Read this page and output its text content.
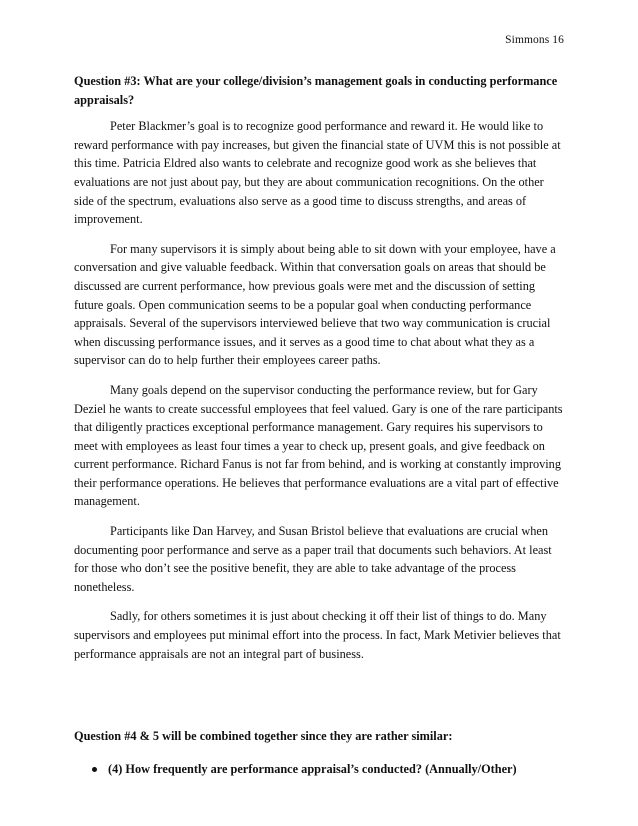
Simmons 16

Question #3: What are your college/division’s management goals in conducting performance appraisals?

Peter Blackmer’s goal is to recognize good performance and reward it. He would like to reward performance with pay increases, but given the financial state of UVM this is not possible at this time. Patricia Eldred also wants to celebrate and recognize good work as she believes that evaluations are not just about pay, but they are about communication recognitions. On the other side of the spectrum, evaluations also serve as a good time to discuss strengths, and areas of improvement.

For many supervisors it is simply about being able to sit down with your employee, have a conversation and give valuable feedback. Within that conversation goals on areas that should be discussed are current performance, how previous goals were met and the discussion of setting future goals. Open communication seems to be a popular goal when conducting performance appraisals. Several of the supervisors interviewed believe that two way communication is crucial when discussing performance issues, and it serves as a good time to chat about what they as a supervisor can do to help further their employees career paths.

Many goals depend on the supervisor conducting the performance review, but for Gary Deziel he wants to create successful employees that feel valued. Gary is one of the rare participants that diligently practices exceptional performance management. Gary requires his supervisors to meet with employees as least four times a year to check up, present goals, and give feedback on current performance. Richard Fanus is not far from behind, and is working at constantly improving their performance operations. He believes that performance evaluations are a vital part of effective management.

Participants like Dan Harvey, and Susan Bristol believe that evaluations are crucial when documenting poor performance and serve as a paper trail that documents such behaviors. At least for those who don’t see the positive benefit, they are able to take advantage of the process nonetheless.

Sadly, for others sometimes it is just about checking it off their list of things to do. Many supervisors and employees put minimal effort into the process. In fact, Mark Metivier believes that performance appraisals are not an integral part of business.

Question #4 & 5 will be combined together since they are rather similar:

(4) How frequently are performance appraisal’s conducted? (Annually/Other)
